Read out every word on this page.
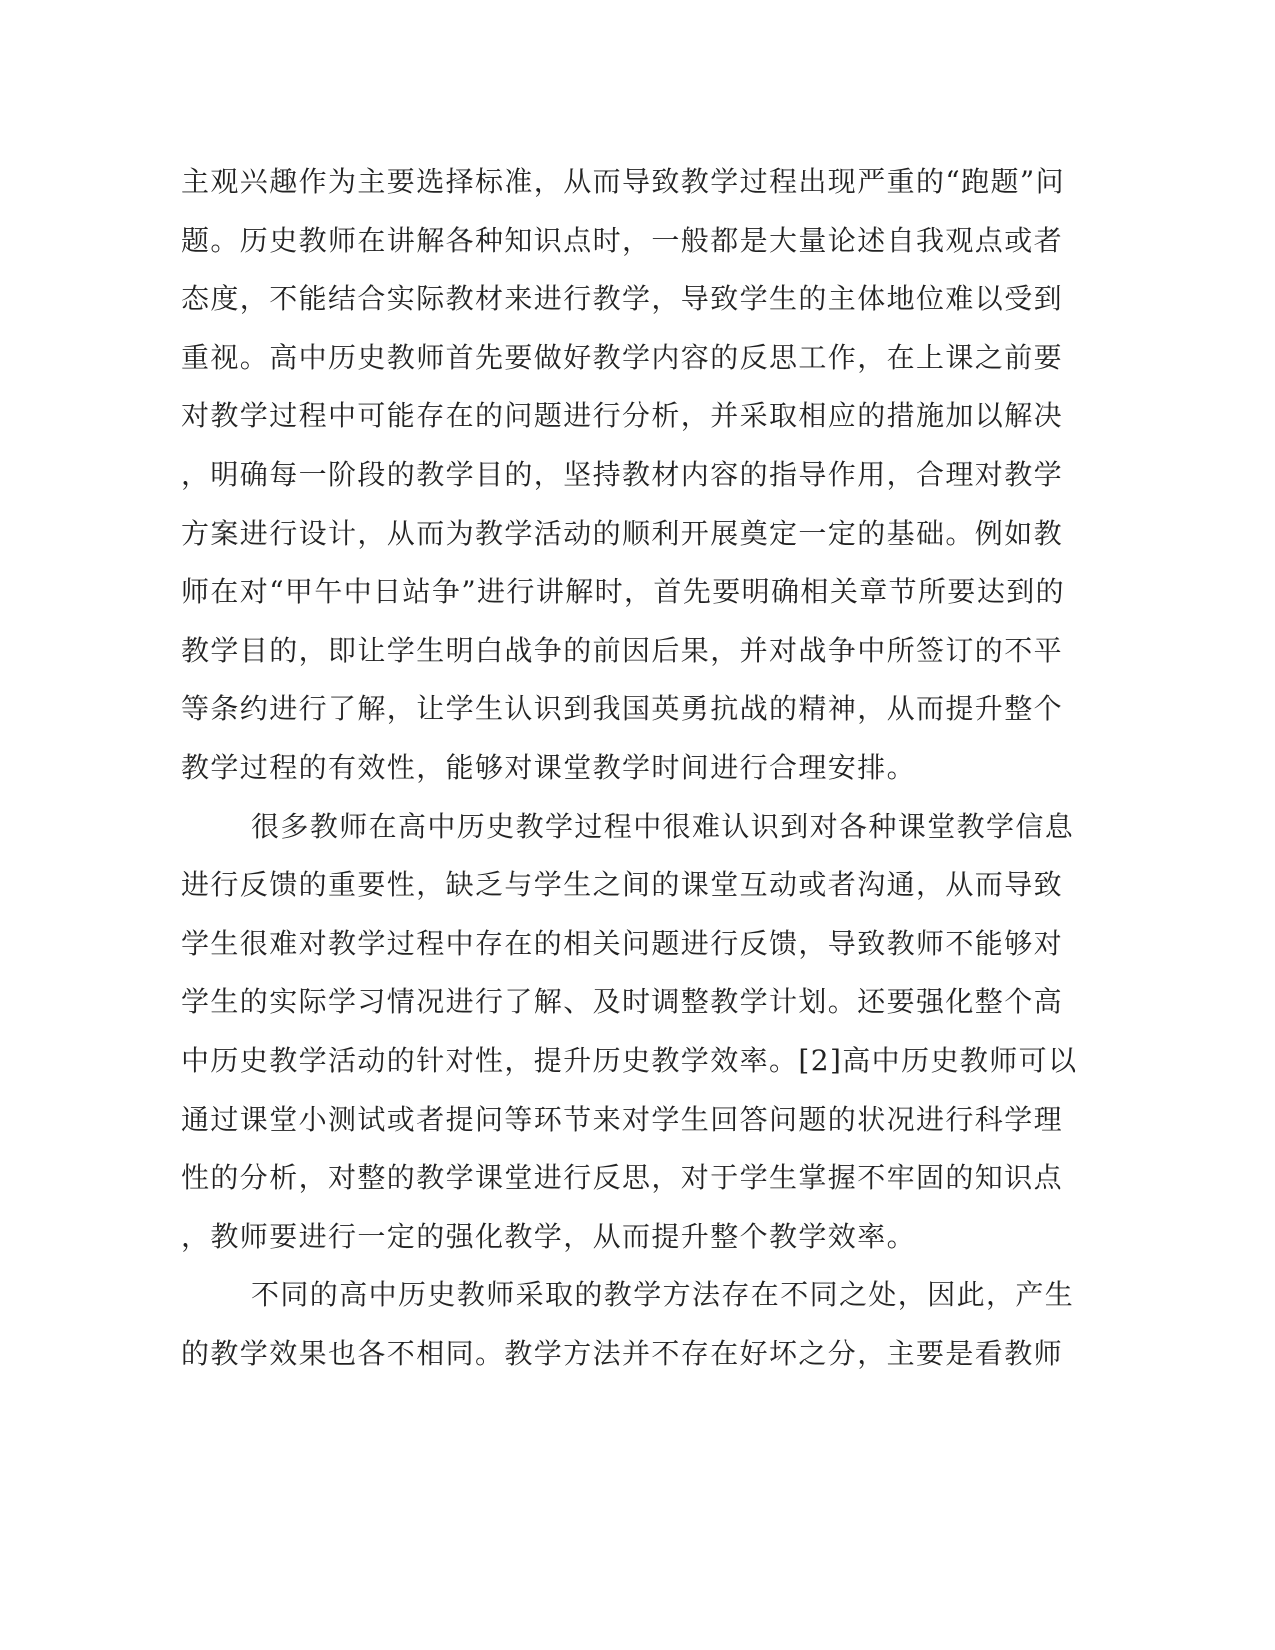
主观兴趣作为主要选择标准，从而导致教学过程出现严重的“跑题”问
题。历史教师在讲解各种知识点时，一般都是大量论述自我观点或者
态度，不能结合实际教材来进行教学，导致学生的主体地位难以受到
重视。高中历史教师首先要做好教学内容的反思工作，在上课之前要
对教学过程中可能存在的问题进行分析，并采取相应的措施加以解决
，明确每一阶段的教学目的，坚持教材内容的指导作用，合理对教学
方案进行设计，从而为教学活动的顺利开展奠定一定的基础。例如教
师在对“甲午中日站争”进行讲解时，首先要明确相关章节所要达到的
教学目的，即让学生明白战争的前因后果，并对战争中所签订的不平
等条约进行了解，让学生认识到我国英勇抗战的精神，从而提升整个
教学过程的有效性，能够对课堂教学时间进行合理安排。
很多教师在高中历史教学过程中很难认识到对各种课堂教学信息
进行反馈的重要性，缺乏与学生之间的课堂互动或者沟通，从而导致
学生很难对教学过程中存在的相关问题进行反馈，导致教师不能够对
学生的实际学习情况进行了解、及时调整教学计划。还要强化整个高
中历史教学活动的针对性，提升历史教学效率。[2]高中历史教师可以
通过课堂小测试或者提问等环节来对学生回答问题的状况进行科学理
性的分析，对整的教学课堂进行反思，对于学生掌握不牢固的知识点
，教师要进行一定的强化教学，从而提升整个教学效率。
不同的高中历史教师采取的教学方法存在不同之处，因此，产生
的教学效果也各不相同。教学方法并不存在好坏之分，主要是看教师
